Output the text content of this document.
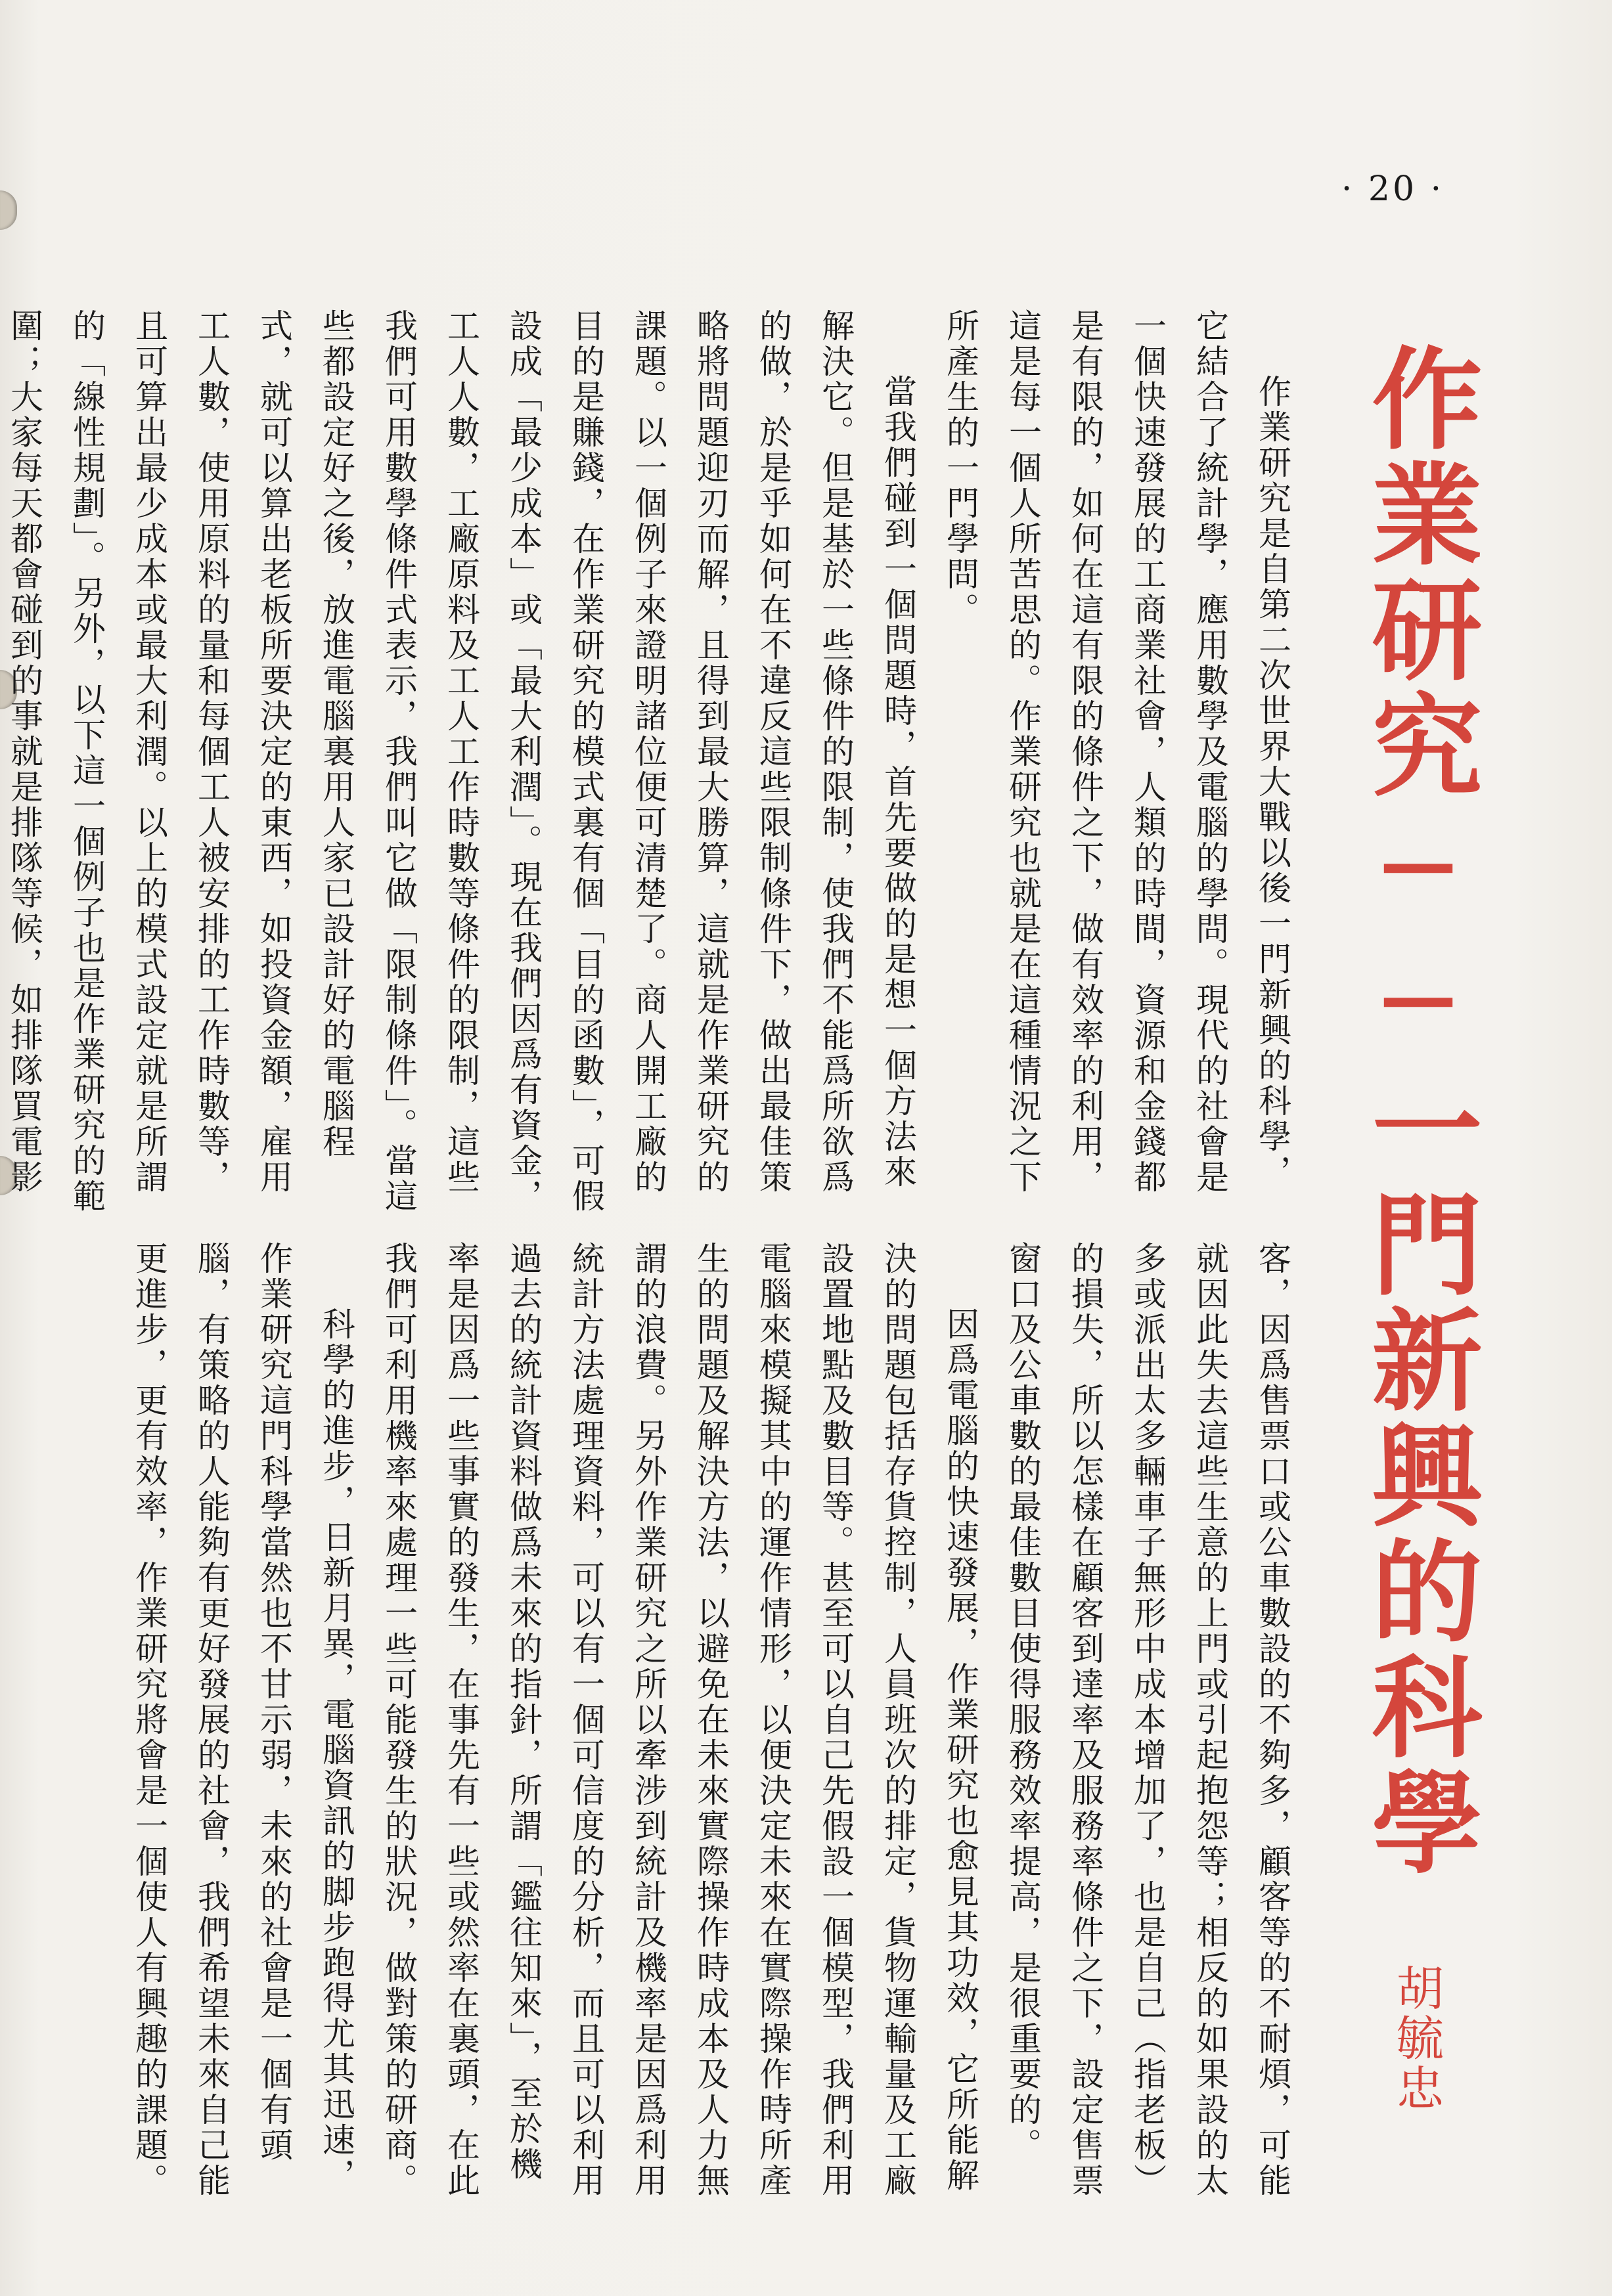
· 20 ·
作業研究──一門新興的科學
胡毓忠

作業研究是自第二次世界大戰以後一門新興的科學，它結合了統計學，應用數學及電腦的學問。現代的社會是一個快速發展的工商業社會，人類的時間，資源和金錢都是有限的，如何在這有限的條件之下，做有效率的利用，這是每一個人所苦思的。作業研究也就是在這種情況之下所產生的一門學問。

當我們碰到一個問題時，首先要做的是想一個方法來解決它。但是基於一些條件的限制，使我們不能爲所欲爲的做，於是乎如何在不違反這些限制條件下，做出最佳策略將問題迎刃而解，且得到最大勝算，這就是作業研究的課題。以一個例子來證明諸位便可清楚了。商人開工廠的目的是賺錢，在作業研究的模式裏有個「目的函數」，可假設成「最少成本」或「最大利潤」。現在我們因爲有資金，工人人數，工廠原料及工人工作時數等條件的限制，這些我們可用數學條件式表示，我們叫它做「限制條件」。當這些都設定好之後，放進電腦裏用人家已設計好的電腦程式，就可以算出老板所要決定的東西，如投資金額，雇用工人數，使用原料的量和每個工人被安排的工作時數等，且可算出最少成本或最大利潤。以上的模式設定就是所謂的「線性規劃」。另外，以下這一個例子也是作業研究的範圍；大家每天都會碰到的事就是排隊等候，如排隊買電影

客，因爲售票口或公車數設的不夠多，顧客等的不耐煩，可能就因此失去這些生意的上門或引起抱怨等；相反的如果設的太多或派出太多輛車子無形中成本增加了，也是自己（指老板）的損失，所以怎樣在顧客到達率及服務率條件之下，設定售票窗口及公車數的最佳數目使得服務效率提高，是很重要的。

因爲電腦的快速發展，作業研究也愈見其功效，它所能解決的問題包括存貨控制，人員班次的排定，貨物運輸量及工廠設置地點及數目等。甚至可以自己先假設一個模型，我們利用電腦來模擬其中的運作情形，以便決定未來在實際操作時所產生的問題及解決方法，以避免在未來實際操作時成本及人力無謂的浪費。另外作業研究之所以牽涉到統計及機率是因爲利用統計方法處理資料，可以有一個可信度的分析，而且可以利用過去的統計資料做爲未來的指針，所謂「鑑往知來」，至於機率是因爲一些事實的發生，在事先有一些或然率在裏頭，在此我們可利用機率來處理一些可能發生的狀況，做對策的研商。

科學的進步，日新月異，電腦資訊的脚步跑得尤其迅速，作業研究這門科學當然也不甘示弱，未來的社會是一個有頭腦，有策略的人能夠有更好發展的社會，我們希望未來自己能更進步，更有效率，作業研究將會是一個使人有興趣的課題。
